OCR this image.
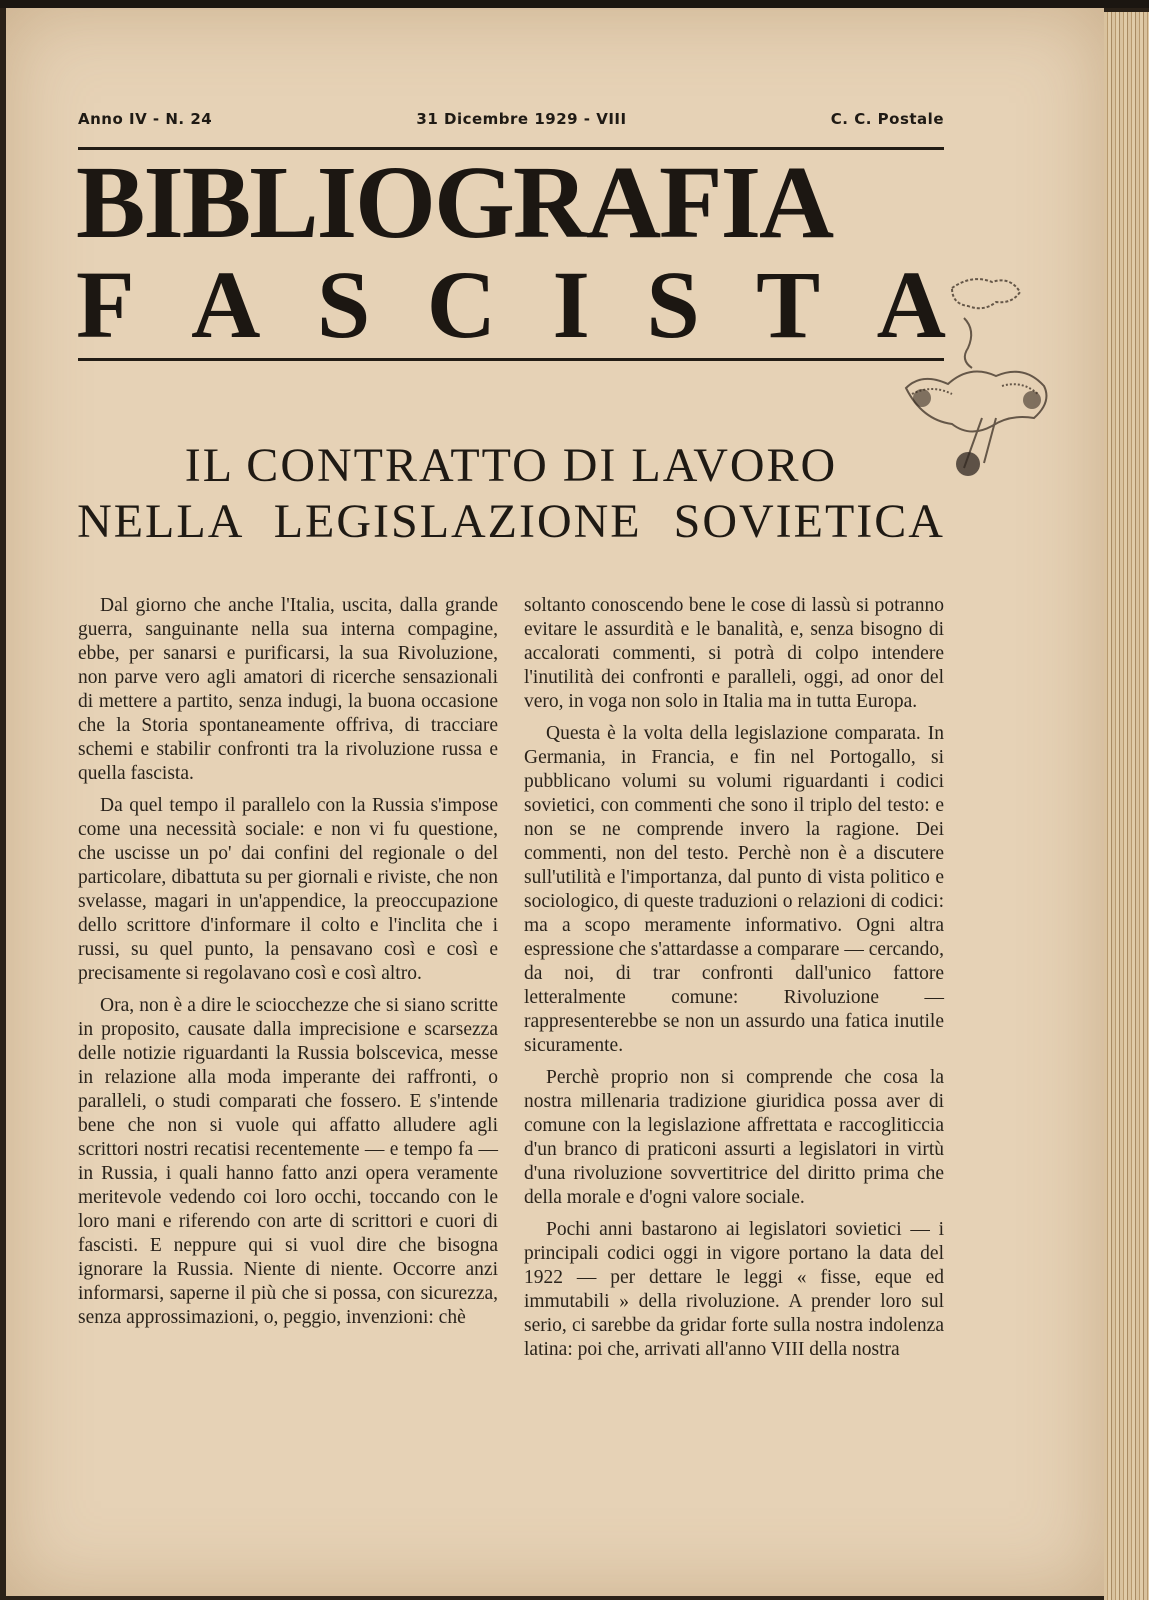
Anno IV - N. 24	31 Dicembre 1929 - VIII	C. C. Postale
BIBLIOGRAFIA
F A S C I S T A
IL CONTRATTO DI LAVORO
NELLA LEGISLAZIONE SOVIETICA

Dal giorno che anche l'Italia, uscita, dalla grande guerra, sanguinante nella sua interna compagine, ebbe, per sanarsi e purificarsi, la sua Rivoluzione, non parve vero agli amatori di ricerche sensazionali di mettere a partito, senza indugi, la buona occasione che la Storia spontaneamente offriva, di tracciare schemi e stabilir confronti tra la rivoluzione russa e quella fascista.

Da quel tempo il parallelo con la Russia s'impose come una necessità sociale: e non vi fu questione, che uscisse un po' dai confini del regionale o del particolare, dibattuta su per giornali e riviste, che non svelasse, magari in un'appendice, la preoccupazione dello scrittore d'informare il colto e l'inclita che i russi, su quel punto, la pensavano così e così e precisamente si regolavano così e così altro.

Ora, non è a dire le sciocchezze che si siano scritte in proposito, causate dalla imprecisione e scarsezza delle notizie riguardanti la Russia bolscevica, messe in relazione alla moda imperante dei raffronti, o paralleli, o studi comparati che fossero. E s'intende bene che non si vuole qui affatto alludere agli scrittori nostri recatisi recentemente — e tempo fa — in Russia, i quali hanno fatto anzi opera veramente meritevole vedendo coi loro occhi, toccando con le loro mani e riferendo con arte di scrittori e cuori di fascisti. E neppure qui si vuol dire che bisogna ignorare la Russia. Niente di niente. Occorre anzi informarsi, saperne il più che si possa, con sicurezza, senza approssimazioni, o, peggio, invenzioni: chè

soltanto conoscendo bene le cose di lassù si potranno evitare le assurdità e le banalità, e, senza bisogno di accalorati commenti, si potrà di colpo intendere l'inutilità dei confronti e paralleli, oggi, ad onor del vero, in voga non solo in Italia ma in tutta Europa.

Questa è la volta della legislazione comparata. In Germania, in Francia, e fin nel Portogallo, si pubblicano volumi su volumi riguardanti i codici sovietici, con commenti che sono il triplo del testo: e non se ne comprende invero la ragione. Dei commenti, non del testo. Perchè non è a discutere sull'utilità e l'importanza, dal punto di vista politico e sociologico, di queste traduzioni o relazioni di codici: ma a scopo meramente informativo. Ogni altra espressione che s'attardasse a comparare — cercando, da noi, di trar confronti dall'unico fattore letteralmente comune: Rivoluzione — rappresenterebbe se non un assurdo una fatica inutile sicuramente.

Perchè proprio non si comprende che cosa la nostra millenaria tradizione giuridica possa aver di comune con la legislazione affrettata e raccogliticcia d'un branco di praticoni assurti a legislatori in virtù d'una rivoluzione sovvertitrice del diritto prima che della morale e d'ogni valore sociale.

Pochi anni bastarono ai legislatori sovietici — i principali codici oggi in vigore portano la data del 1922 — per dettare le leggi « fisse, eque ed immutabili » della rivoluzione. A prender loro sul serio, ci sarebbe da gridar forte sulla nostra indolenza latina: poi che, arrivati all'anno VIII della nostra
